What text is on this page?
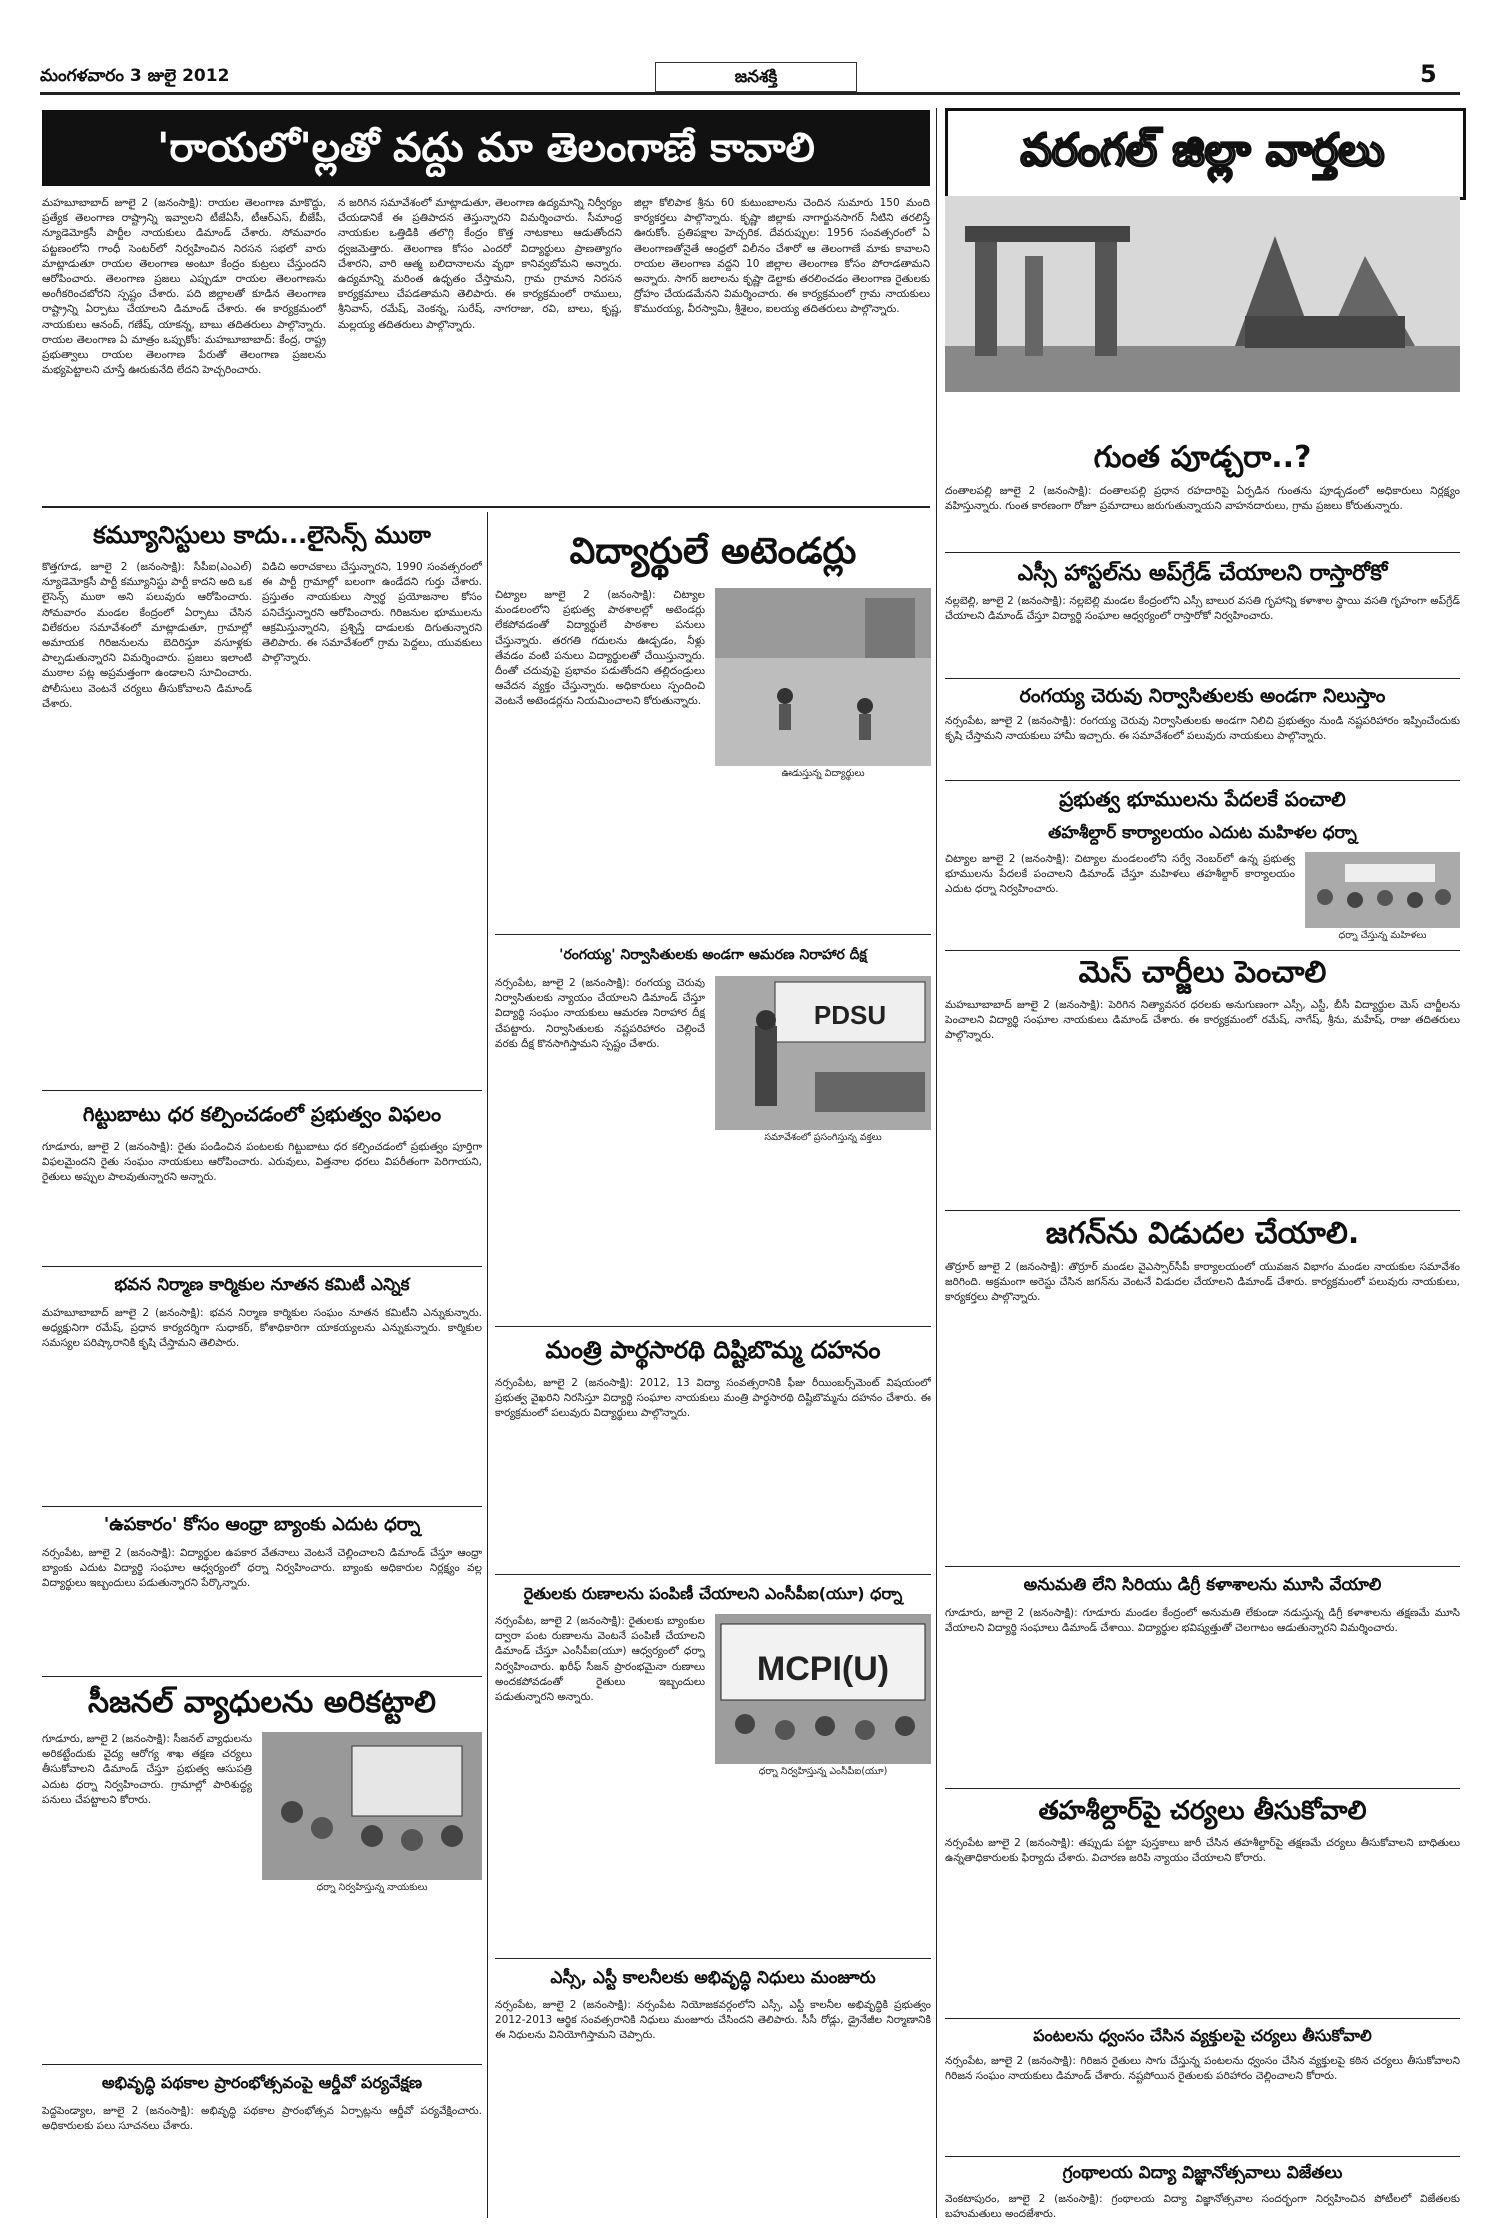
మంగళవారం 3 జులై 2012	జనశక్తి	5
'రాయలో'ల్లతో వద్దు మా తెలంగాణే కావాలి
మహబూబాబాద్‌ జూలై 2 (జనంసాక్షి): రాయల తెలంగాణ మాకొద్దు, ప్రత్యేక తెలంగాణ రాష్ట్రాన్ని ఇవ్వాలని టీజేఏసీ, టీఆర్‌ఎస్‌, బీజేపీ, న్యూడెమోక్రసీ పార్టీల నాయకులు డిమాండ్‌ చేశారు. సోమవారం పట్టణంలోని గాంధీ సెంటర్‌లో నిర్వహించిన నిరసన సభలో వారు మాట్లాడుతూ రాయల తెలంగాణ అంటూ కేంద్రం కుట్రలు చేస్తుందని ఆరోపించారు. తెలంగాణ ప్రజలు ఎప్పుడూ రాయల తెలంగాణను అంగీకరించబోరని స్పష్టం చేశారు. పది జిల్లాలతో కూడిన తెలంగాణ రాష్ట్రాన్ని ఏర్పాటు చేయాలని డిమాండ్‌ చేశారు. ఈ కార్యక్రమంలో నాయకులు ఆనంద్‌, గణేష్‌, యాకన్న, బాబు తదితరులు పాల్గొన్నారు. రాయల తెలంగాణ ఏ మాత్రం ఒప్పుకోం: మహబూబాబాద్‌: కేంద్ర, రాష్ట్ర ప్రభుత్వాలు రాయల తెలంగాణ పేరుతో తెలంగాణ ప్రజలను మభ్యపెట్టాలని చూస్తే ఊరుకునేది లేదని హెచ్చరించారు.
న జరిగిన సమావేశంలో మాట్లాడుతూ, తెలంగాణ ఉద్యమాన్ని నిర్వీర్యం చేయడానికే ఈ ప్రతిపాదన తెస్తున్నారని విమర్శించారు. సీమాంధ్ర నాయకుల ఒత్తిడికి తలొగ్గి కేంద్రం కొత్త నాటకాలు ఆడుతోందని ధ్వజమెత్తారు. తెలంగాణ కోసం ఎందరో విద్యార్థులు ప్రాణత్యాగం చేశారని, వారి ఆత్మ బలిదానాలను వృథా కానివ్వబోమని అన్నారు. ఉద్యమాన్ని మరింత ఉధృతం చేస్తామని, గ్రామ గ్రామాన నిరసన కార్యక్రమాలు చేపడతామని తెలిపారు. ఈ కార్యక్రమంలో రాములు, శ్రీనివాస్‌, రమేష్‌, వెంకన్న, సురేష్‌, నాగరాజు, రవి, బాలు, కృష్ణ, మల్లయ్య తదితరులు పాల్గొన్నారు.
జిల్లా కోలిపాక శ్రీను 60 కుటుంబాలను చెందిన సుమారు 150 మంది కార్యకర్తలు పాల్గొన్నారు. కృష్ణా జిల్లాకు నాగార్జునసాగర్‌ నీటిని తరలిస్తే ఊరుకోం. ప్రతిపక్షాల హెచ్చరిక. దేవరుప్పుల: 1956 సంవత్సరంలో ఏ తెలంగాణతోనైతే ఆంధ్రలో విలీనం చేశారో ఆ తెలంగాణే మాకు కావాలని రాయల తెలంగాణ వద్దని 10 జిల్లాల తెలంగాణ కోసం పోరాడతామని అన్నారు. సాగర్‌ జలాలను కృష్ణా డెల్టాకు తరలించడం తెలంగాణ రైతులకు ద్రోహం చేయడమేనని విమర్శించారు. ఈ కార్యక్రమంలో గ్రామ నాయకులు కొమురయ్య, వీరస్వామి, శ్రీశైలం, ఐలయ్య తదితరులు పాల్గొన్నారు.
వరంగల్‌ జిల్లా వార్తలు
గుంత పూడ్చరా..?
దంతాలపల్లి జూలై 2 (జనంసాక్షి): దంతాలపల్లి ప్రధాన రహదారిపై ఏర్పడిన గుంతను పూడ్చడంలో అధికారులు నిర్లక్ష్యం వహిస్తున్నారు. గుంత కారణంగా రోజూ ప్రమాదాలు జరుగుతున్నాయని వాహనదారులు, గ్రామ ప్రజలు కోరుతున్నారు.
ఎస్సీ హాస్టల్‌ను అప్‌గ్రేడ్‌ చేయాలని రాస్తారోకో
నల్లబెల్లి, జూలై 2 (జనంసాక్షి): నల్లబెల్లి మండల కేంద్రంలోని ఎస్సీ బాలుర వసతి గృహాన్ని కళాశాల స్థాయి వసతి గృహంగా అప్‌గ్రేడ్‌ చేయాలని డిమాండ్‌ చేస్తూ విద్యార్థి సంఘాల ఆధ్వర్యంలో రాస్తారోకో నిర్వహించారు.
రంగయ్య చెరువు నిర్వాసితులకు అండగా నిలుస్తాం
నర్సంపేట, జూలై 2 (జనంసాక్షి): రంగయ్య చెరువు నిర్వాసితులకు అండగా నిలిచి ప్రభుత్వం నుండి నష్టపరిహారం ఇప్పించేందుకు కృషి చేస్తామని నాయకులు హామీ ఇచ్చారు. ఈ సమావేశంలో పలువురు నాయకులు పాల్గొన్నారు.
ప్రభుత్వ భూములను పేదలకే పంచాలి
తహశీల్దార్‌ కార్యాలయం ఎదుట మహిళల ధర్నా
చిట్యాల జూలై 2 (జనంసాక్షి): చిట్యాల మండలంలోని సర్వే నెంబర్‌లో ఉన్న ప్రభుత్వ భూములను పేదలకే పంచాలని డిమాండ్‌ చేస్తూ మహిళలు తహశీల్దార్‌ కార్యాలయం ఎదుట ధర్నా నిర్వహించారు.
ధర్నా చేస్తున్న మహిళలు
మెస్‌ చార్జీలు పెంచాలి
మహబూబాబాద్‌ జూలై 2 (జనంసాక్షి): పెరిగిన నిత్యావసర ధరలకు అనుగుణంగా ఎస్సీ, ఎస్టీ, బీసీ విద్యార్థుల మెస్‌ చార్జీలను పెంచాలని విద్యార్థి సంఘాల నాయకులు డిమాండ్‌ చేశారు. ఈ కార్యక్రమంలో రమేష్‌, నాగేష్‌, శ్రీను, మహేష్‌, రాజు తదితరులు పాల్గొన్నారు.
జగన్‌ను విడుదల చేయాలి.
తొర్రూర్‌ జూలై 2 (జనంసాక్షి): తొర్రూర్‌ మండల వైఎస్సార్‌సీపీ కార్యాలయంలో యువజన విభాగం మండల నాయకుల సమావేశం జరిగింది. అక్రమంగా అరెస్టు చేసిన జగన్‌ను వెంటనే విడుదల చేయాలని డిమాండ్‌ చేశారు. కార్యక్రమంలో పలువురు నాయకులు, కార్యకర్తలు పాల్గొన్నారు.
అనుమతి లేని సిరియు డిగ్రీ కళాశాలను మూసి వేయాలి
గూడూరు, జూలై 2 (జనంసాక్షి): గూడూరు మండల కేంద్రంలో అనుమతి లేకుండా నడుస్తున్న డిగ్రీ కళాశాలను తక్షణమే మూసి వేయాలని విద్యార్థి సంఘాలు డిమాండ్‌ చేశాయి. విద్యార్థుల భవిష్యత్తుతో చెలగాటం ఆడుతున్నారని విమర్శించారు.
తహశీల్దార్‌పై చర్యలు తీసుకోవాలి
నర్సంపేట జూలై 2 (జనంసాక్షి): తప్పుడు పట్టా పుస్తకాలు జారీ చేసిన తహశీల్దార్‌పై తక్షణమే చర్యలు తీసుకోవాలని బాధితులు ఉన్నతాధికారులకు ఫిర్యాదు చేశారు. విచారణ జరిపి న్యాయం చేయాలని కోరారు.
పంటలను ధ్వంసం చేసిన వ్యక్తులపై చర్యలు తీసుకోవాలి
నర్సంపేట, జూలై 2 (జనంసాక్షి): గిరిజన రైతులు సాగు చేస్తున్న పంటలను ధ్వంసం చేసిన వ్యక్తులపై కఠిన చర్యలు తీసుకోవాలని గిరిజన సంఘం నాయకులు డిమాండ్‌ చేశారు. నష్టపోయిన రైతులకు పరిహారం చెల్లించాలని కోరారు.
గ్రంథాలయ విద్యా విజ్ఞానోత్సవాలు విజేతలు
వెంకటాపురం, జూలై 2 (జనంసాక్షి): గ్రంథాలయ విద్యా విజ్ఞానోత్సవాల సందర్భంగా నిర్వహించిన పోటీలలో విజేతలకు బహుమతులు అందజేశారు.
కమ్యూనిస్టులు కాదు...లైసెన్స్‌ ముఠా
కొత్తగూడ, జూలై 2 (జనంసాక్షి): సీపీఐ(ఎంఎల్‌) న్యూడెమోక్రసీ పార్టీ కమ్యూనిస్టు పార్టీ కాదని అది ఒక లైసెన్స్‌ ముఠా అని పలువురు ఆరోపించారు. సోమవారం మండల కేంద్రంలో ఏర్పాటు చేసిన విలేకరుల సమావేశంలో మాట్లాడుతూ, గ్రామాల్లో అమాయక గిరిజనులను బెదిరిస్తూ వసూళ్లకు పాల్పడుతున్నారని విమర్శించారు. ప్రజలు ఇలాంటి ముఠాల పట్ల అప్రమత్తంగా ఉండాలని సూచించారు. పోలీసులు వెంటనే చర్యలు తీసుకోవాలని డిమాండ్‌ చేశారు.
విడిచి అరాచకాలు చేస్తున్నారని, 1990 సంవత్సరంలో ఈ పార్టీ గ్రామాల్లో బలంగా ఉండేదని గుర్తు చేశారు. ప్రస్తుతం నాయకులు స్వార్థ ప్రయోజనాల కోసం పనిచేస్తున్నారని ఆరోపించారు. గిరిజనుల భూములను ఆక్రమిస్తున్నారని, ప్రశ్నిస్తే దాడులకు దిగుతున్నారని తెలిపారు. ఈ సమావేశంలో గ్రామ పెద్దలు, యువకులు పాల్గొన్నారు.
గిట్టుబాటు ధర కల్పించడంలో ప్రభుత్వం విఫలం
గూడూరు, జూలై 2 (జనంసాక్షి): రైతు పండించిన పంటలకు గిట్టుబాటు ధర కల్పించడంలో ప్రభుత్వం పూర్తిగా విఫలమైందని రైతు సంఘం నాయకులు ఆరోపించారు. ఎరువులు, విత్తనాల ధరలు విపరీతంగా పెరిగాయని, రైతులు అప్పుల పాలవుతున్నారని అన్నారు.
భవన నిర్మాణ కార్మికుల నూతన కమిటీ ఎన్నిక
మహబూబాబాద్‌ జూలై 2 (జనంసాక్షి): భవన నిర్మాణ కార్మికుల సంఘం నూతన కమిటీని ఎన్నుకున్నారు. అధ్యక్షునిగా రమేష్‌, ప్రధాన కార్యదర్శిగా సుధాకర్‌, కోశాధికారిగా యాకయ్యలను ఎన్నుకున్నారు. కార్మికుల సమస్యల పరిష్కారానికి కృషి చేస్తామని తెలిపారు.
'ఉపకారం' కోసం ఆంధ్రా బ్యాంకు ఎదుట ధర్నా
నర్సంపేట, జూలై 2 (జనంసాక్షి): విద్యార్థుల ఉపకార వేతనాలు వెంటనే చెల్లించాలని డిమాండ్‌ చేస్తూ ఆంధ్రా బ్యాంకు ఎదుట విద్యార్థి సంఘాల ఆధ్వర్యంలో ధర్నా నిర్వహించారు. బ్యాంకు అధికారుల నిర్లక్ష్యం వల్ల విద్యార్థులు ఇబ్బందులు పడుతున్నారని పేర్కొన్నారు.
సీజనల్‌ వ్యాధులను అరికట్టాలి
గూడూరు, జూలై 2 (జనంసాక్షి): సీజనల్‌ వ్యాధులను అరికట్టేందుకు వైద్య ఆరోగ్య శాఖ తక్షణ చర్యలు తీసుకోవాలని డిమాండ్‌ చేస్తూ ప్రభుత్వ ఆసుపత్రి ఎదుట ధర్నా నిర్వహించారు. గ్రామాల్లో పారిశుద్ధ్య పనులు చేపట్టాలని కోరారు.
ధర్నా నిర్వహిస్తున్న నాయకులు
అభివృద్ధి పథకాల ప్రారంభోత్సవంపై ఆర్డీవో పర్యవేక్షణ
పెద్దపెండ్యాల, జూలై 2 (జనంసాక్షి): అభివృద్ధి పథకాల ప్రారంభోత్సవ ఏర్పాట్లను ఆర్డీవో పర్యవేక్షించారు. అధికారులకు పలు సూచనలు చేశారు.
విద్యార్థులే అటెండర్లు
చిట్యాల జూలై 2 (జనంసాక్షి): చిట్యాల మండలంలోని ప్రభుత్వ పాఠశాలల్లో అటెండర్లు లేకపోవడంతో విద్యార్థులే పాఠశాల పనులు చేస్తున్నారు. తరగతి గదులను ఊడ్చడం, నీళ్లు తేవడం వంటి పనులు విద్యార్థులతో చేయిస్తున్నారు. దీంతో చదువుపై ప్రభావం పడుతోందని తల్లిదండ్రులు ఆవేదన వ్యక్తం చేస్తున్నారు. అధికారులు స్పందించి వెంటనే అటెండర్లను నియమించాలని కోరుతున్నారు.
ఊడుస్తున్న విద్యార్థులు
'రంగయ్య' నిర్వాసితులకు అండగా ఆమరణ నిరాహార దీక్ష
నర్సంపేట, జూలై 2 (జనంసాక్షి): రంగయ్య చెరువు నిర్వాసితులకు న్యాయం చేయాలని డిమాండ్‌ చేస్తూ విద్యార్థి సంఘం నాయకులు ఆమరణ నిరాహార దీక్ష చేపట్టారు. నిర్వాసితులకు నష్టపరిహారం చెల్లించే వరకు దీక్ష కొనసాగిస్తామని స్పష్టం చేశారు.
PDSU
సమావేశంలో ప్రసంగిస్తున్న వక్తలు
మంత్రి పార్థసారథి దిష్టిబొమ్మ దహనం
నర్సంపేట, జూలై 2 (జనంసాక్షి): 2012, 13 విద్యా సంవత్సరానికి ఫీజు రీయింబర్స్‌మెంట్‌ విషయంలో ప్రభుత్వ వైఖరిని నిరసిస్తూ విద్యార్థి సంఘాల నాయకులు మంత్రి పార్థసారథి దిష్టిబొమ్మను దహనం చేశారు. ఈ కార్యక్రమంలో పలువురు విద్యార్థులు పాల్గొన్నారు.
రైతులకు రుణాలను పంపిణీ చేయాలని ఎంసీపీఐ(యూ) ధర్నా
నర్సంపేట, జూలై 2 (జనంసాక్షి): రైతులకు బ్యాంకుల ద్వారా పంట రుణాలను వెంటనే పంపిణీ చేయాలని డిమాండ్‌ చేస్తూ ఎంసీపీఐ(యూ) ఆధ్వర్యంలో ధర్నా నిర్వహించారు. ఖరీఫ్‌ సీజన్‌ ప్రారంభమైనా రుణాలు అందకపోవడంతో రైతులు ఇబ్బందులు పడుతున్నారని అన్నారు.
MCPI(U)
ధర్నా నిర్వహిస్తున్న ఎంసీపీఐ(యూ)
ఎస్సీ, ఎస్టీ కాలనీలకు అభివృద్ధి నిధులు మంజూరు
నర్సంపేట, జూలై 2 (జనంసాక్షి): నర్సంపేట నియోజకవర్గంలోని ఎస్సీ, ఎస్టీ కాలనీల అభివృద్ధికి ప్రభుత్వం 2012-2013 ఆర్థిక సంవత్సరానికి నిధులు మంజూరు చేసిందని తెలిపారు. సీసీ రోడ్లు, డ్రైనేజీల నిర్మాణానికి ఈ నిధులను వినియోగిస్తామని చెప్పారు.
